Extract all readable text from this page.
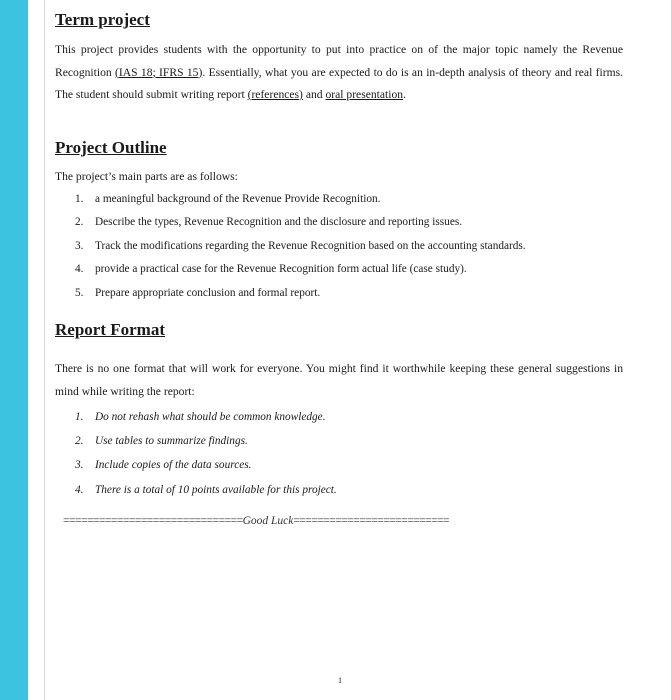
Term project
This project provides students with the opportunity to put into practice on of the major topic namely the Revenue Recognition (IAS 18; IFRS 15). Essentially, what you are expected to do is an in-depth analysis of theory and real firms. The student should submit writing report (references) and oral presentation.
Project Outline
The project’s main parts are as follows:
1. a meaningful background of the Revenue Provide Recognition.
2. Describe the types, Revenue Recognition and the disclosure and reporting issues.
3. Track the modifications regarding the Revenue Recognition based on the accounting standards.
4. provide a practical case for the Revenue Recognition form actual life (case study).
5. Prepare appropriate conclusion and formal report.
Report Format
There is no one format that will work for everyone. You might find it worthwhile keeping these general suggestions in mind while writing the report:
1. Do not rehash what should be common knowledge.
2. Use tables to summarize findings.
3. Include copies of the data sources.
4. There is a total of 10 points available for this project.
==============================Good Luck==========================
1
